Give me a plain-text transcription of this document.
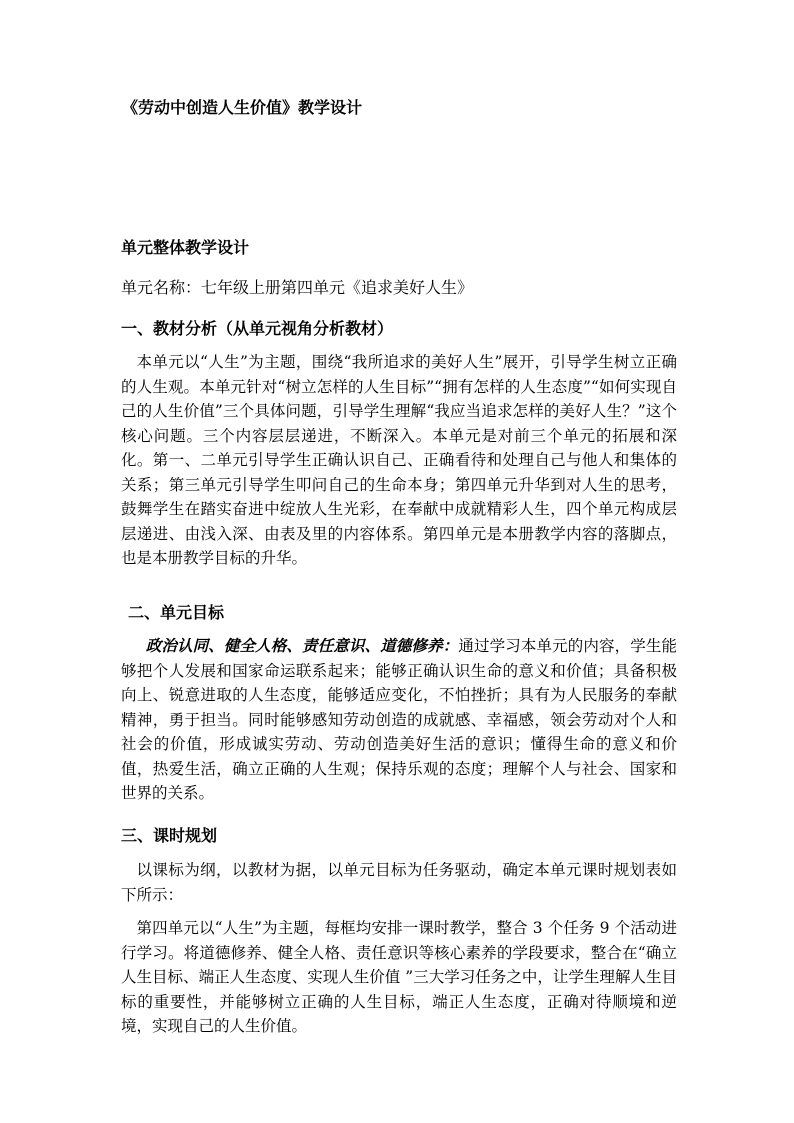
《劳动中创造人生价值》教学设计
单元整体教学设计
单元名称：七年级上册第四单元《追求美好人生》
一、教材分析（从单元视角分析教材）
本单元以“人生”为主题，围绕“我所追求的美好人生”展开，引导学生树立正确的人生观。本单元针对“树立怎样的人生目标”“拥有怎样的人生态度”“如何实现自己的人生价值”三个具体问题，引导学生理解“我应当追求怎样的美好人生？”这个核心问题。三个内容层层递进，不断深入。本单元是对前三个单元的拓展和深化。第一、二单元引导学生正确认识自己、正确看待和处理自己与他人和集体的关系；第三单元引导学生叩问自己的生命本身；第四单元升华到对人生的思考，鼓舞学生在踏实奋进中绽放人生光彩，在奉献中成就精彩人生，四个单元构成层层递进、由浅入深、由表及里的内容体系。第四单元是本册教学内容的落脚点，也是本册教学目标的升华。
二、单元目标
政治认同、健全人格、责任意识、道德修养：通过学习本单元的内容，学生能够把个人发展和国家命运联系起来；能够正确认识生命的意义和价值；具备积极向上、锐意进取的人生态度，能够适应变化，不怕挫折；具有为人民服务的奉献精神，勇于担当。同时能够感知劳动创造的成就感、幸福感，领会劳动对个人和社会的价值，形成诚实劳动、劳动创造美好生活的意识；懂得生命的意义和价值，热爱生活，确立正确的人生观；保持乐观的态度；理解个人与社会、国家和世界的关系。
三、课时规划
以课标为纲，以教材为据，以单元目标为任务驱动，确定本单元课时规划表如下所示：
第四单元以“人生”为主题，每框均安排一课时教学，整合 3 个任务 9 个活动进行学习。将道德修养、健全人格、责任意识等核心素养的学段要求，整合在“确立人生目标、端正人生态度、实现人生价值 ”三大学习任务之中，让学生理解人生目标的重要性，并能够树立正确的人生目标，端正人生态度，正确对待顺境和逆境，实现自己的人生价值。
